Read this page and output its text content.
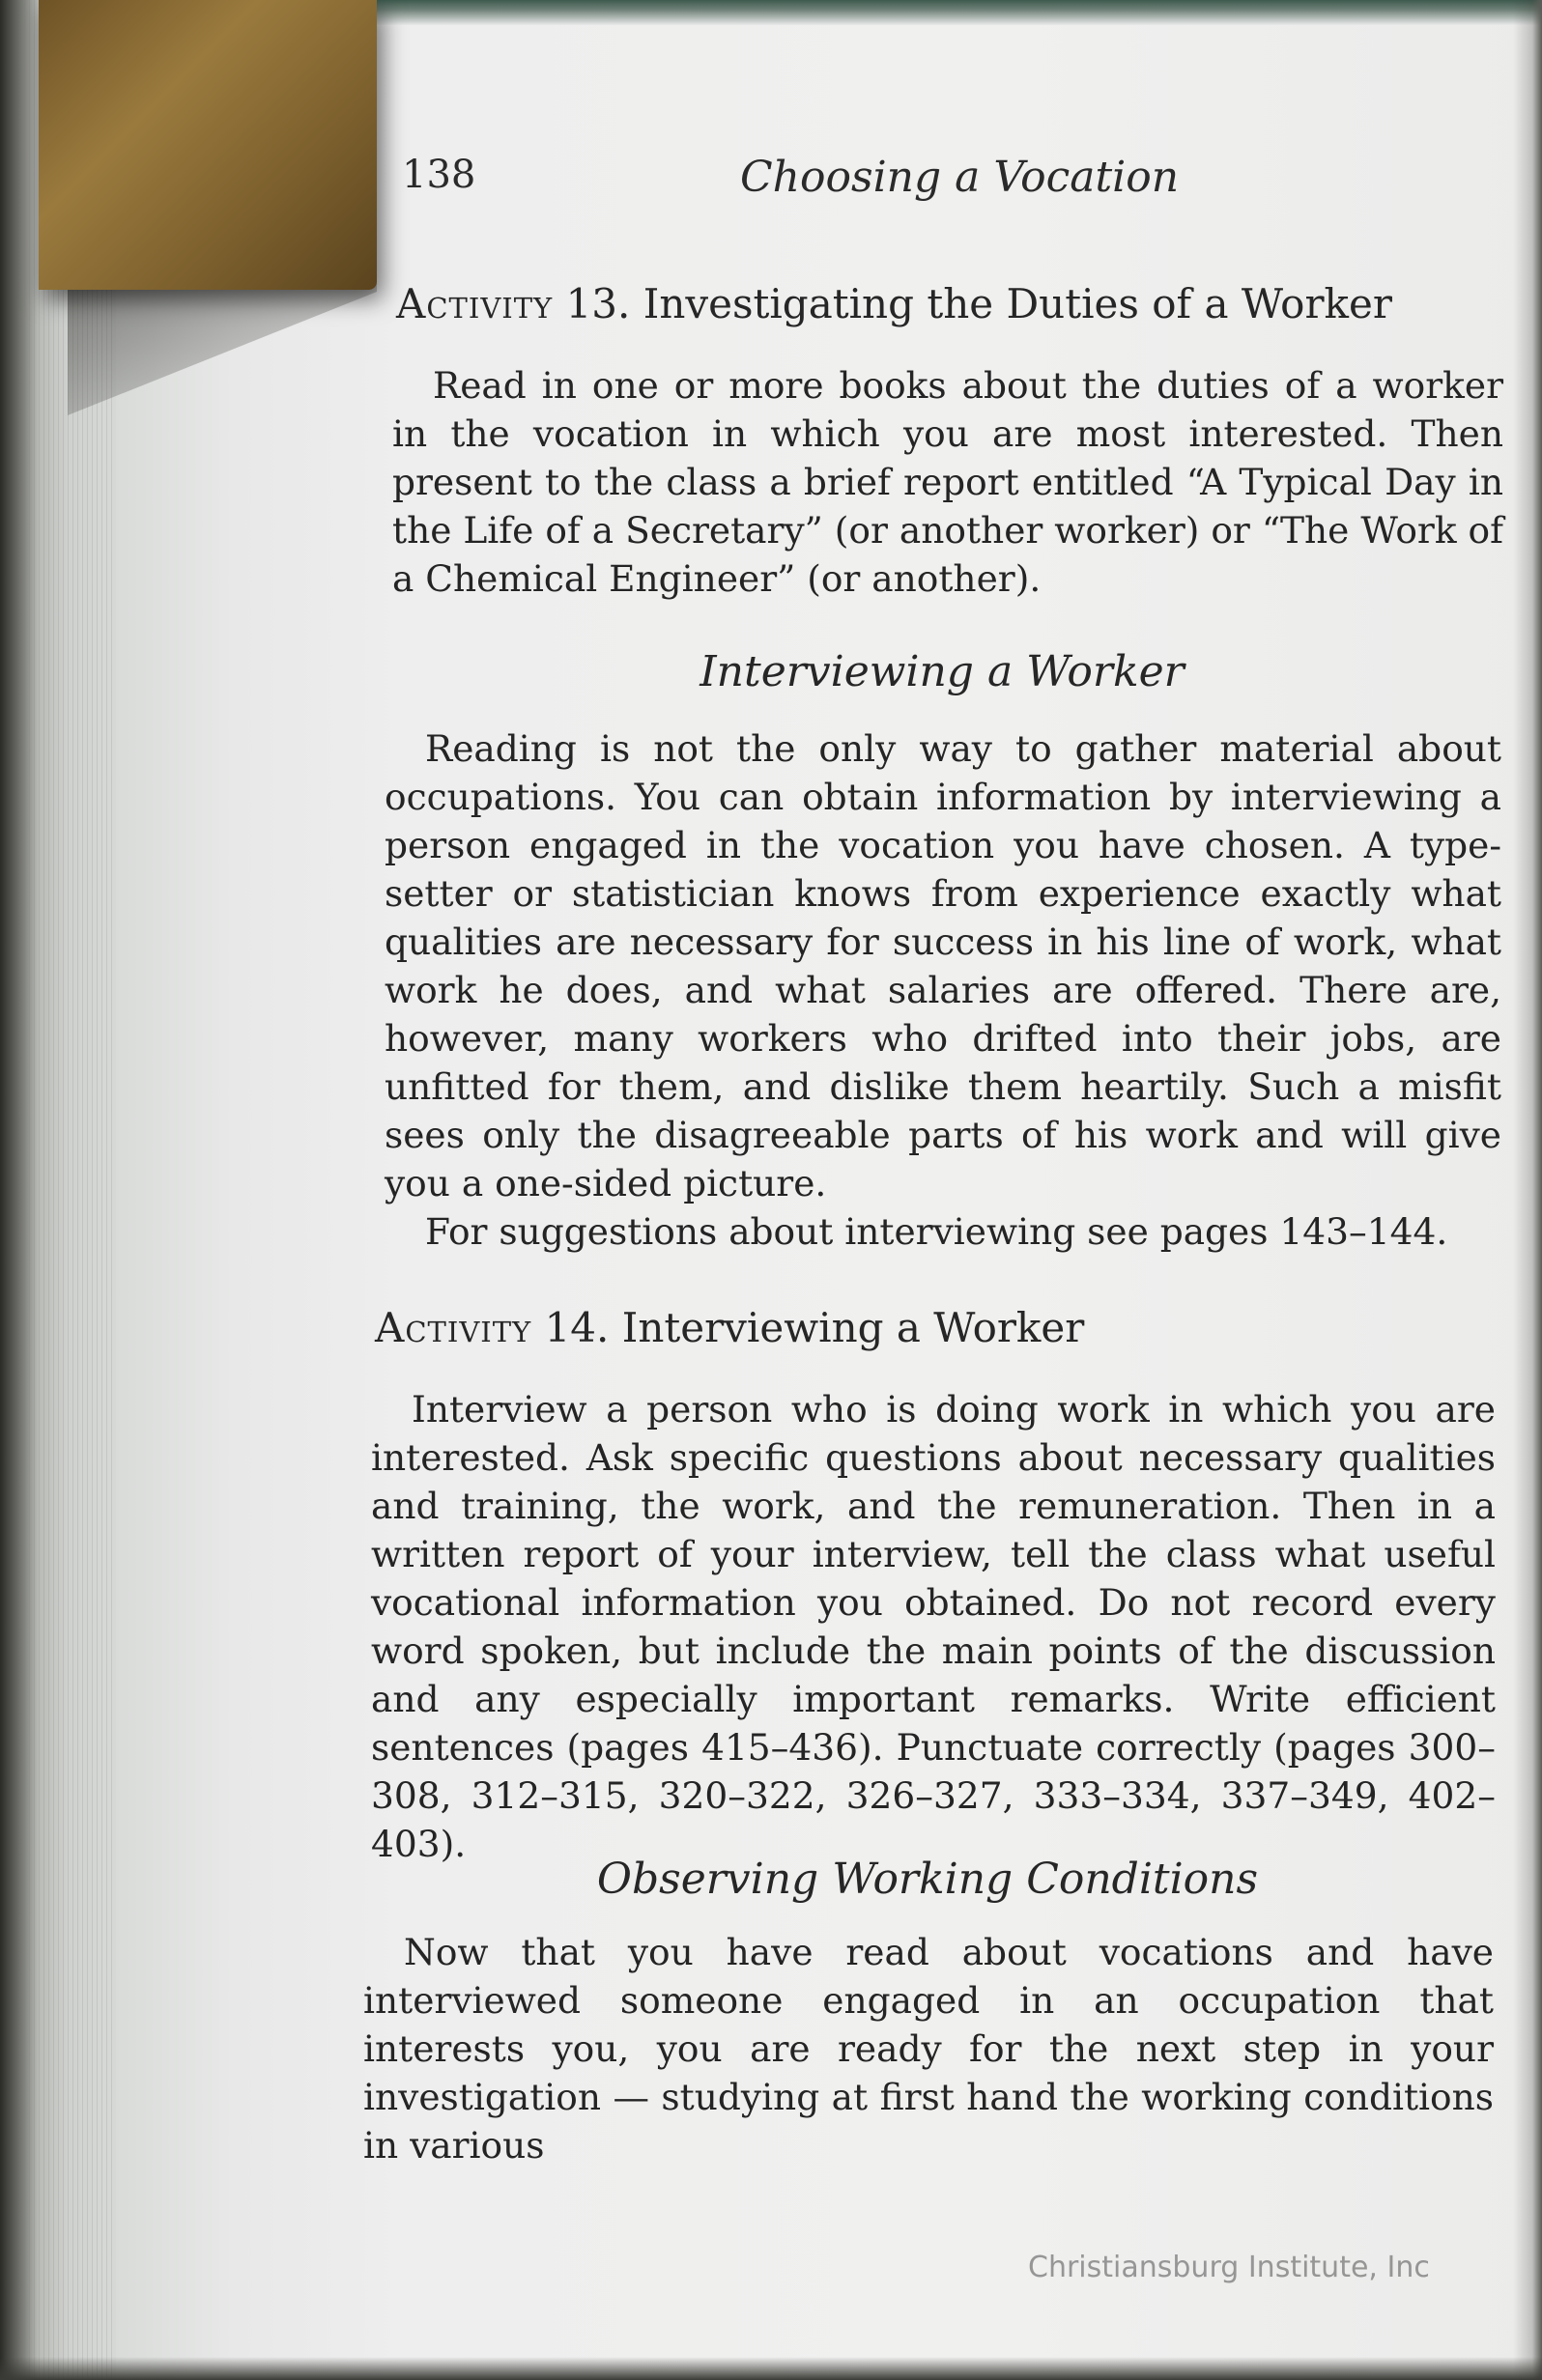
138	Choosing a Vocation
Activity 13. Investigating the Duties of a Worker

Read in one or more books about the duties of a worker in the vocation in which you are most interested. Then present to the class a brief report entitled “A Typical Day in the Life of a Secretary” (or another worker) or “The Work of a Chemical Engineer” (or another).

Interviewing a Worker

Reading is not the only way to gather material about occupations. You can obtain information by interviewing a person engaged in the vocation you have chosen. A type-setter or statistician knows from experience exactly what qualities are necessary for success in his line of work, what work he does, and what salaries are offered. There are, however, many workers who drifted into their jobs, are unfitted for them, and dislike them heartily. Such a misfit sees only the disagreeable parts of his work and will give you a one-sided picture.

For suggestions about interviewing see pages 143–144.

Activity 14. Interviewing a Worker

Interview a person who is doing work in which you are interested. Ask specific questions about necessary qualities and training, the work, and the remuneration. Then in a written report of your interview, tell the class what useful vocational information you obtained. Do not record every word spoken, but include the main points of the discussion and any especially important remarks. Write efficient sentences (pages 415–436). Punctuate correctly (pages 300–308, 312–315, 320–322, 326–327, 333–334, 337–349, 402–403).

Observing Working Conditions

Now that you have read about vocations and have interviewed someone engaged in an occupation that interests you, you are ready for the next step in your investigation — studying at first hand the working conditions in various

Christiansburg Institute, Inc
